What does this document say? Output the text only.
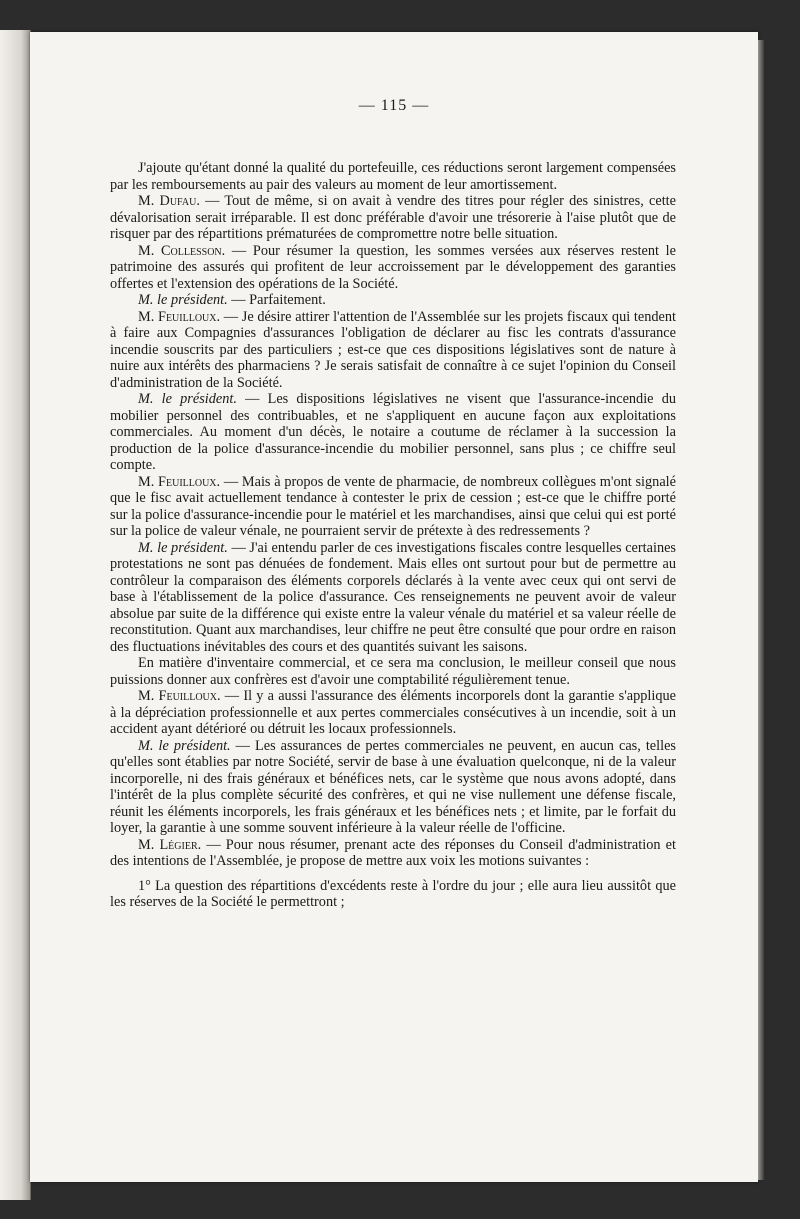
— 115 —

J'ajoute qu'étant donné la qualité du portefeuille, ces réductions seront largement compensées par les remboursements au pair des valeurs au moment de leur amortissement.

M. Dufau. — Tout de même, si on avait à vendre des titres pour régler des sinistres, cette dévalorisation serait irréparable. Il est donc préférable d'avoir une trésorerie à l'aise plutôt que de risquer par des répartitions prématurées de compromettre notre belle situation.

M. Collesson. — Pour résumer la question, les sommes versées aux réserves restent le patrimoine des assurés qui profitent de leur accroissement par le développement des garanties offertes et l'extension des opérations de la Société.

M. le président. — Parfaitement.

M. Feuilloux. — Je désire attirer l'attention de l'Assemblée sur les projets fiscaux qui tendent à faire aux Compagnies d'assurances l'obligation de déclarer au fisc les contrats d'assurance incendie souscrits par des particuliers ; est-ce que ces dispositions législatives sont de nature à nuire aux intérêts des pharmaciens ? Je serais satisfait de connaître à ce sujet l'opinion du Conseil d'administration de la Société.

M. le président. — Les dispositions législatives ne visent que l'assurance-incendie du mobilier personnel des contribuables, et ne s'appliquent en aucune façon aux exploitations commerciales. Au moment d'un décès, le notaire a coutume de réclamer à la succession la production de la police d'assurance-incendie du mobilier personnel, sans plus ; ce chiffre seul compte.

M. Feuilloux. — Mais à propos de vente de pharmacie, de nombreux collègues m'ont signalé que le fisc avait actuellement tendance à contester le prix de cession ; est-ce que le chiffre porté sur la police d'assurance-incendie pour le matériel et les marchandises, ainsi que celui qui est porté sur la police de valeur vénale, ne pourraient servir de prétexte à des redressements ?

M. le président. — J'ai entendu parler de ces investigations fiscales contre lesquelles certaines protestations ne sont pas dénuées de fondement. Mais elles ont surtout pour but de permettre au contrôleur la comparaison des éléments corporels déclarés à la vente avec ceux qui ont servi de base à l'établissement de la police d'assurance. Ces renseignements ne peuvent avoir de valeur absolue par suite de la différence qui existe entre la valeur vénale du matériel et sa valeur réelle de reconstitution. Quant aux marchandises, leur chiffre ne peut être consulté que pour ordre en raison des fluctuations inévitables des cours et des quantités suivant les saisons.

En matière d'inventaire commercial, et ce sera ma conclusion, le meilleur conseil que nous puissions donner aux confrères est d'avoir une comptabilité régulièrement tenue.

M. Feuilloux. — Il y a aussi l'assurance des éléments incorporels dont la garantie s'applique à la dépréciation professionnelle et aux pertes commerciales consécutives à un incendie, soit à un accident ayant détérioré ou détruit les locaux professionnels.

M. le président. — Les assurances de pertes commerciales ne peuvent, en aucun cas, telles qu'elles sont établies par notre Société, servir de base à une évaluation quelconque, ni de la valeur incorporelle, ni des frais généraux et bénéfices nets, car le système que nous avons adopté, dans l'intérêt de la plus complète sécurité des confrères, et qui ne vise nullement une défense fiscale, réunit les éléments incorporels, les frais généraux et les bénéfices nets ; et limite, par le forfait du loyer, la garantie à une somme souvent inférieure à la valeur réelle de l'officine.

M. Légier. — Pour nous résumer, prenant acte des réponses du Conseil d'administration et des intentions de l'Assemblée, je propose de mettre aux voix les motions suivantes :

1° La question des répartitions d'excédents reste à l'ordre du jour ; elle aura lieu aussitôt que les réserves de la Société le permettront ;
